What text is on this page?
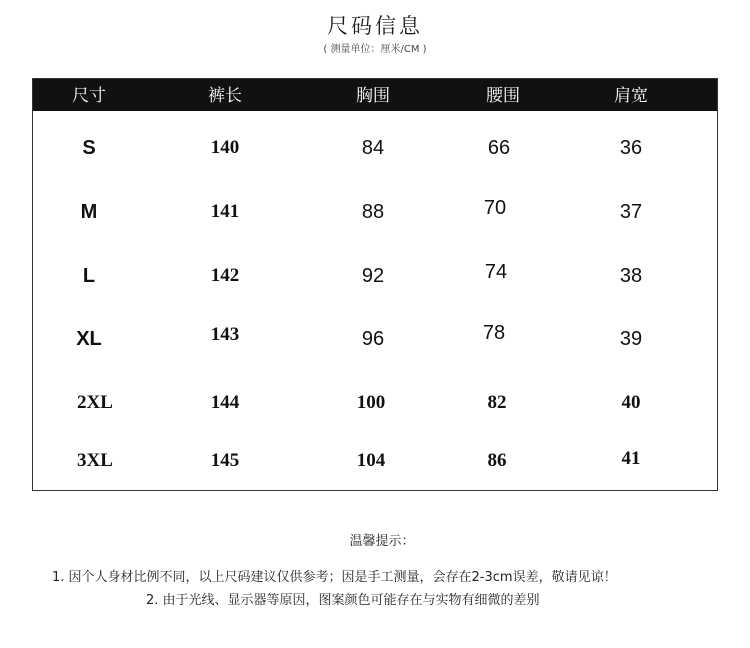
尺码信息
( 测量单位：厘米/CM )
尺寸	裤长	胸围	腰围	肩宽
S	140	84	66	36
M	141	88	70	37
L	142	92	74	38
XL	143	96	78	39
2XL	144	100	82	40
3XL	145	104	86	41
温馨提示：
1. 因个人身材比例不同，以上尺码建议仅供参考；因是手工测量，会存在2-3cm误差，敬请见谅！
2. 由于光线、显示器等原因，图案颜色可能存在与实物有细微的差别
